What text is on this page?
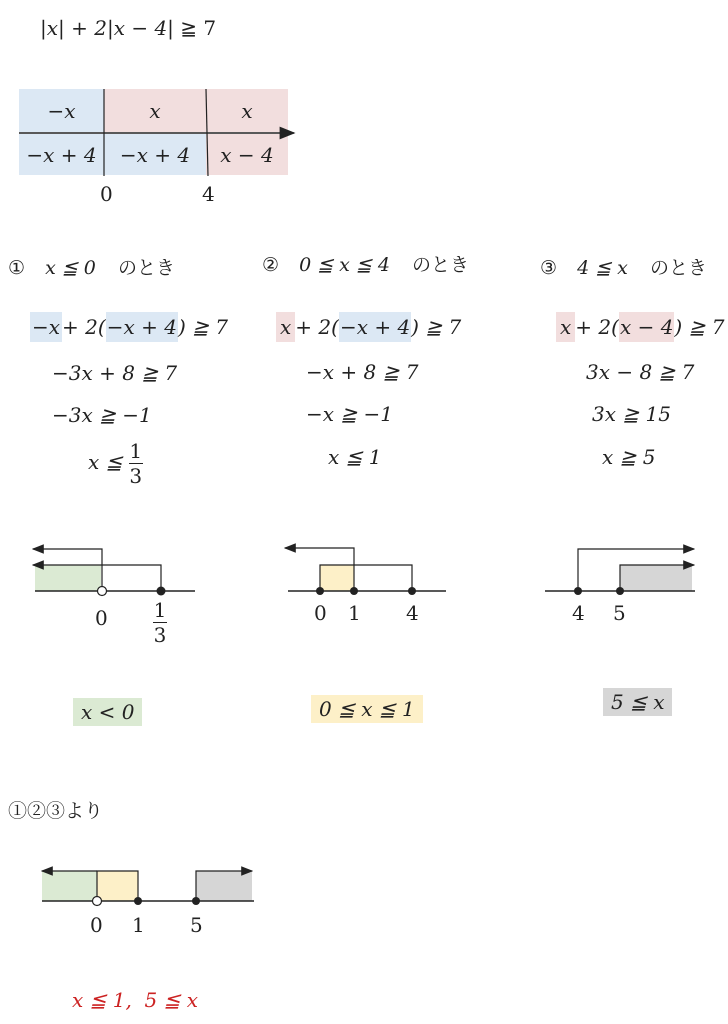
|x| + 2|x − 4| ≧ 7
−x	x	x
−x + 4	−x + 4	x − 4
0	4
① x ≦ 0 のとき	② 0 ≦ x ≦ 4 のとき	③ 4 ≦ x のとき
−x + 2(−x + 4) ≧ 7
−3x + 8 ≧ 7
−3x ≧ −1
x ≦ $\frac{1}{3}$
x + 2(−x + 4) ≧ 7
−x + 8 ≧ 7
−x ≧ −1
x ≦ 1
x + 2(x − 4) ≧ 7
3x − 8 ≧ 7
3x ≧ 15
x ≧ 5
$0 \frac{1}{3}$	0 1 4	4 5
x < 0	0 ≦ x ≦ 1	5 ≦ x
①②③より
0 1 5
x ≦ 1,  5 ≦ x
